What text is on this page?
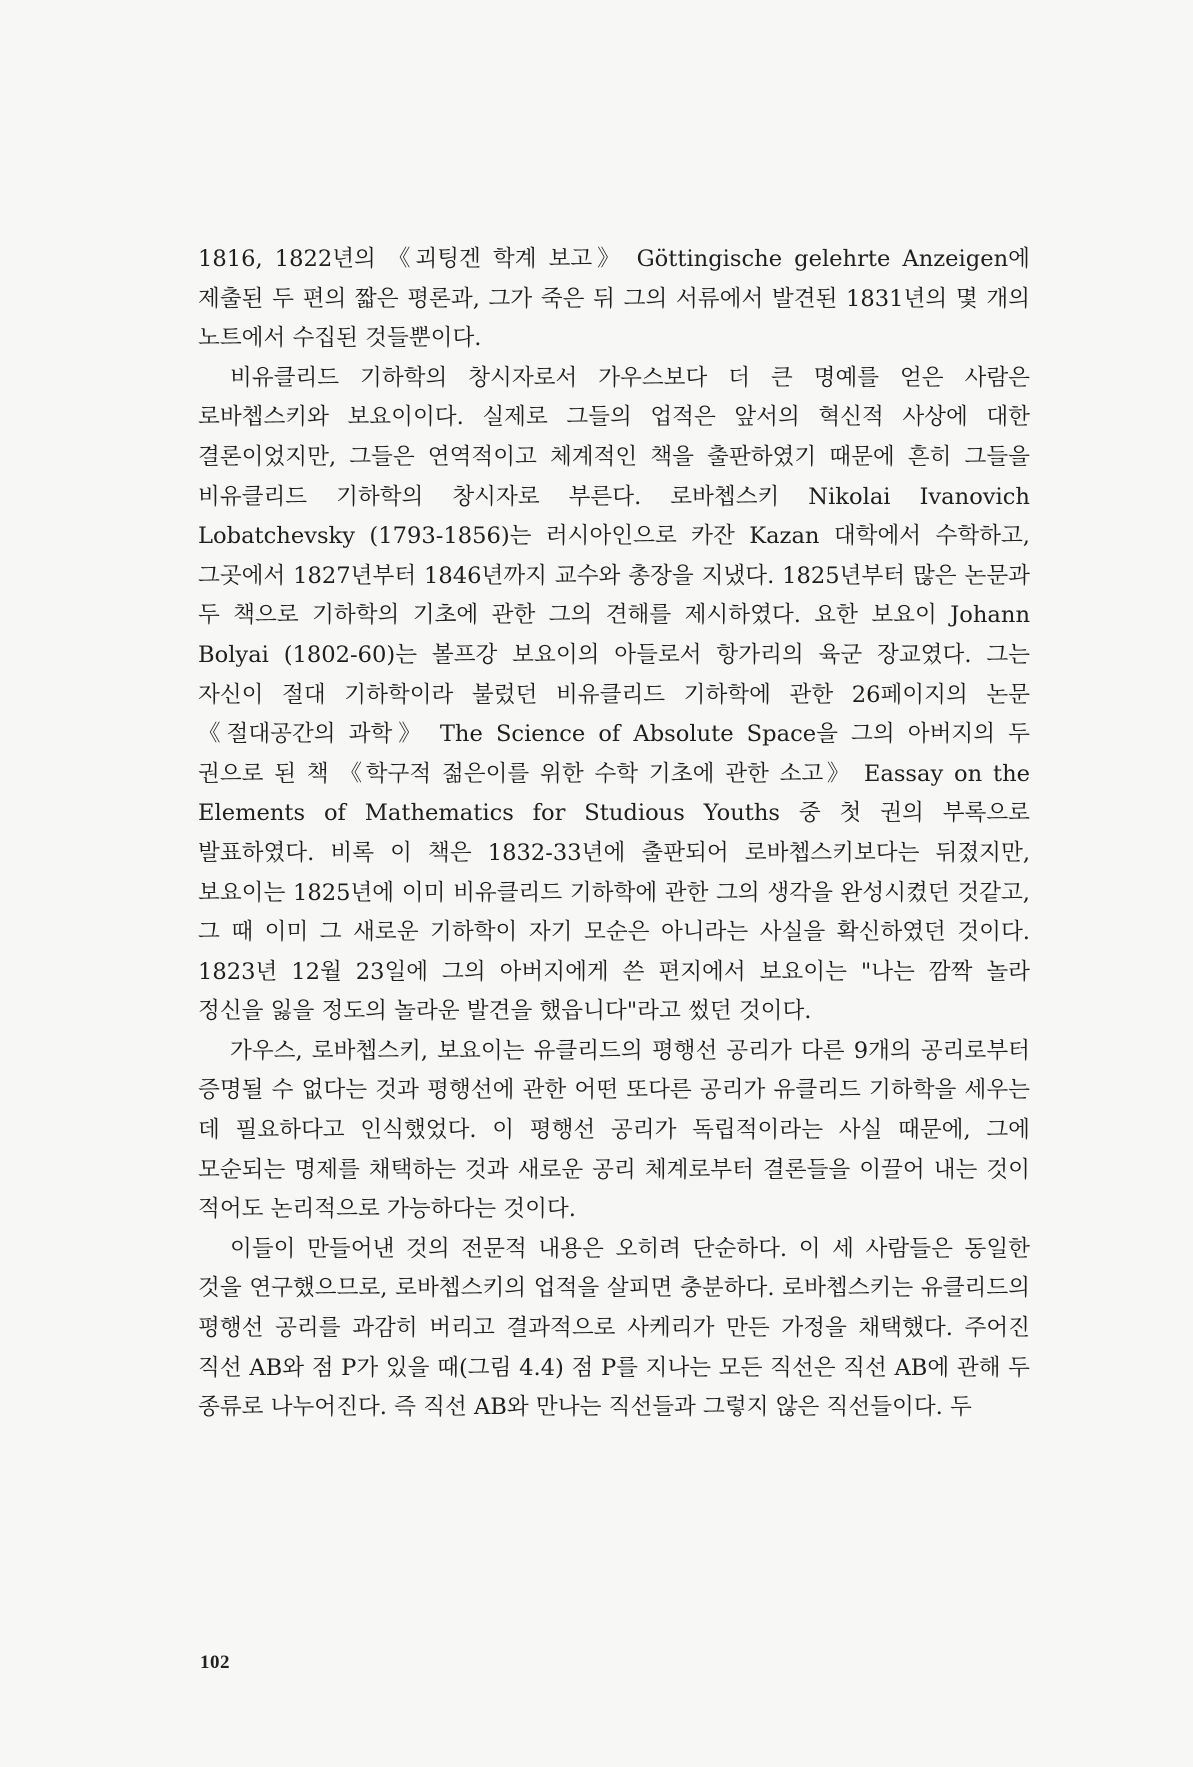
1816, 1822년의 《괴팅겐 학계 보고》 Göttingische gelehrte Anzeigen에 제출된 두 편의 짧은 평론과, 그가 죽은 뒤 그의 서류에서 발견된 1831년의 몇 개의 노트에서 수집된 것들뿐이다.

비유클리드 기하학의 창시자로서 가우스보다 더 큰 명예를 얻은 사람은 로바쳅스키와 보요이이다. 실제로 그들의 업적은 앞서의 혁신적 사상에 대한 결론이었지만, 그들은 연역적이고 체계적인 책을 출판하였기 때문에 흔히 그들을 비유클리드 기하학의 창시자로 부른다. 로바쳅스키 Nikolai Ivanovich Lobatchevsky (1793-1856)는 러시아인으로 카잔 Kazan 대학에서 수학하고, 그곳에서 1827년부터 1846년까지 교수와 총장을 지냈다. 1825년부터 많은 논문과 두 책으로 기하학의 기초에 관한 그의 견해를 제시하였다. 요한 보요이 Johann Bolyai (1802-60)는 볼프강 보요이의 아들로서 항가리의 육군 장교였다. 그는 자신이 절대 기하학이라 불렀던 비유클리드 기하학에 관한 26페이지의 논문 《절대공간의 과학》 The Science of Absolute Space을 그의 아버지의 두 권으로 된 책 《학구적 젊은이를 위한 수학 기초에 관한 소고》 Eassay on the Elements of Mathematics for Studious Youths 중 첫 권의 부록으로 발표하였다. 비록 이 책은 1832-33년에 출판되어 로바쳅스키보다는 뒤졌지만, 보요이는 1825년에 이미 비유클리드 기하학에 관한 그의 생각을 완성시켰던 것같고, 그 때 이미 그 새로운 기하학이 자기 모순은 아니라는 사실을 확신하였던 것이다. 1823년 12월 23일에 그의 아버지에게 쓴 편지에서 보요이는 "나는 깜짝 놀라 정신을 잃을 정도의 놀라운 발견을 했읍니다"라고 썼던 것이다.

가우스, 로바쳅스키, 보요이는 유클리드의 평행선 공리가 다른 9개의 공리로부터 증명될 수 없다는 것과 평행선에 관한 어떤 또다른 공리가 유클리드 기하학을 세우는 데 필요하다고 인식했었다. 이 평행선 공리가 독립적이라는 사실 때문에, 그에 모순되는 명제를 채택하는 것과 새로운 공리 체계로부터 결론들을 이끌어 내는 것이 적어도 논리적으로 가능하다는 것이다.

이들이 만들어낸 것의 전문적 내용은 오히려 단순하다. 이 세 사람들은 동일한 것을 연구했으므로, 로바쳅스키의 업적을 살피면 충분하다. 로바쳅스키는 유클리드의 평행선 공리를 과감히 버리고 결과적으로 사케리가 만든 가정을 채택했다. 주어진 직선 AB와 점 P가 있을 때(그림 4.4) 점 P를 지나는 모든 직선은 직선 AB에 관해 두 종류로 나누어진다. 즉 직선 AB와 만나는 직선들과 그렇지 않은 직선들이다. 두

102
